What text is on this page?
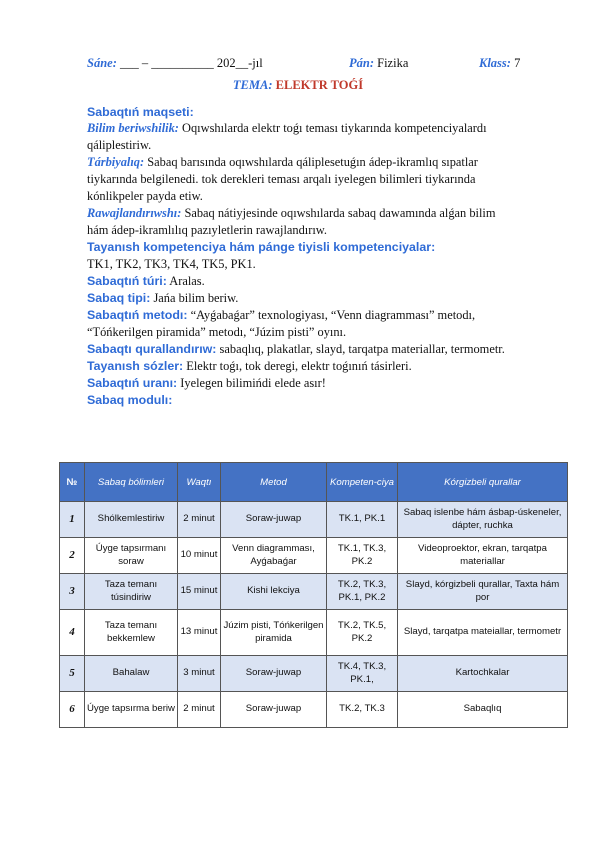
Sáne: ___ – __________ 202__-jıl	Pán: Fizika	Klass: 7
TEMA: ELEKTR TOǴÍ
Sabaqtıń maqseti:
Bilim beriwshilik: Oqıwshılarda elektr toǵı teması tiykarında kompetenciyalardı
qáliplestiriw.
Tárbiyalıq: Sabaq barısında oqıwshılarda qáliplesetuǵın ádep-ikramlıq sıpatlar
tiykarında belgilenedi. tok derekleri teması arqalı iyelegen bilimleri tiykarında
kónlikpeler payda etiw.
Rawajlandırıwshı: Sabaq nátiyjesinde oqıwshılarda sabaq dawamında alǵan bilim
hám ádep-ikramlılıq pazıyletlerin rawajlandırıw.
Tayanısh kompetenciya hám pánge tiyisli kompetenciyalar:
TK1, TK2, TK3, TK4, TK5, PK1.
Sabaqtıń túri: Aralas.
Sabaq tipi: Jańa bilim beriw.
Sabaqtıń metodı: “Ayǵabaǵar” texnologiyası, “Venn diagramması” metodı,
“Tóńkerilgen piramida” metodı, “Júzim pisti” oyını.
Sabaqtı qurallandırıw: sabaqlıq, plakatlar, slayd, tarqatpa materiallar, termometr.
Tayanısh sózler: Elektr toǵı, tok deregi, elektr toǵınıń tásirleri.
Sabaqtıń uranı: Iyelegen bilimińdi elede asır!
Sabaq modulı:
№	Sabaq bólimleri	Waqtı	Metod	Kompeten-ciya	Kórgizbeli qurallar
1	Shólkemlestiriw	2 minut	Soraw-juwap	TK.1, PK.1	Sabaq islenbe hám ásbap-úskeneler, dápter, ruchka
2	Úyge tapsırmanı soraw	10 minut	Venn diagramması, Ayǵabaǵar	TK.1, TK.3, PK.2	Videoproektor, ekran, tarqatpa materiallar
3	Taza temanı túsindiriw	15 minut	Kishi lekciya	TK.2, TK.3, PK.1, PK.2	Slayd, kórgizbeli qurallar, Taxta hám por
4	Taza temanı bekkemlew	13 minut	Júzim pisti, Tóńkerilgen piramida	TK.2, TK.5, PK.2	Slayd, tarqatpa mateiallar, termometr
5	Bahalaw	3 minut	Soraw-juwap	TK.4, TK.3, PK.1,	Kartochkalar
6	Úyge tapsırma beriw	2 minut	Soraw-juwap	TK.2, TK.3	Sabaqlıq
